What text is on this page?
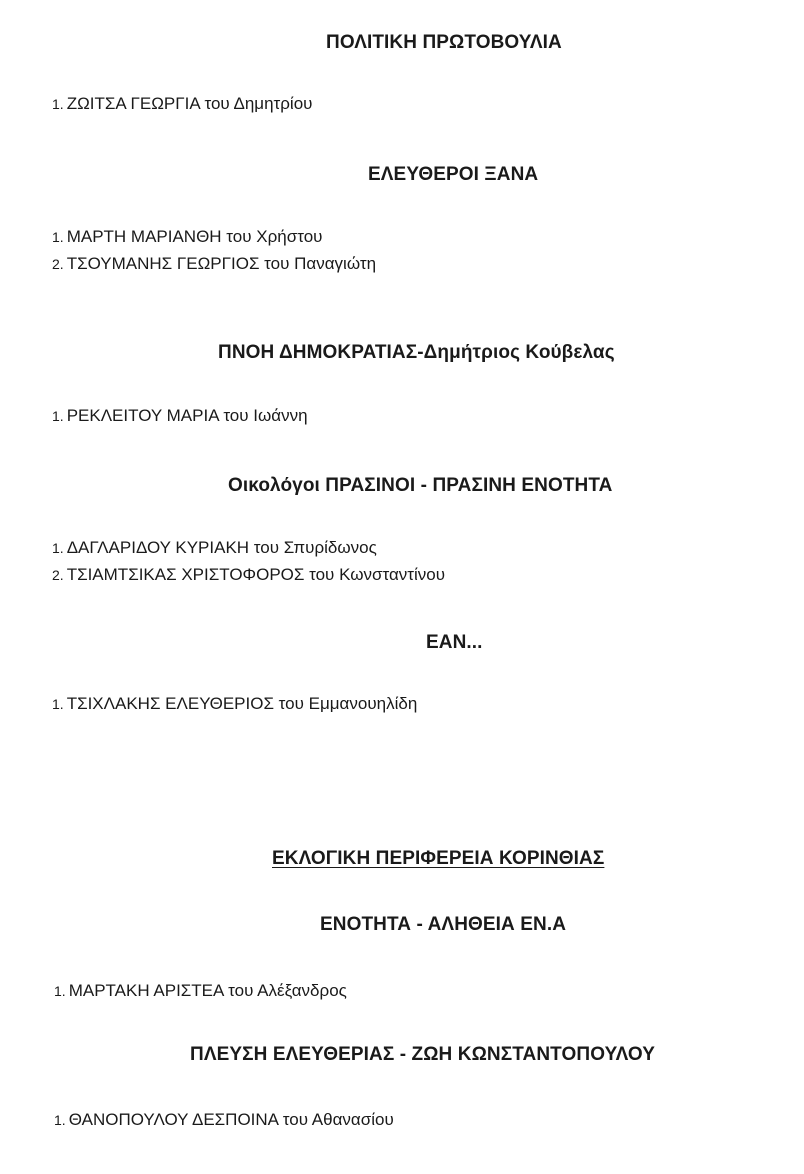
ΠΟΛΙΤΙΚΗ ΠΡΩΤΟΒΟΥΛΙΑ
1. ΖΩΙΤΣΑ ΓΕΩΡΓΙΑ του Δημητρίου
ΕΛΕΥΘΕΡΟΙ ΞΑΝΑ
1. ΜΑΡΤΗ ΜΑΡΙΑΝΘΗ του Χρήστου
2. ΤΣΟΥΜΑΝΗΣ ΓΕΩΡΓΙΟΣ του Παναγιώτη
ΠΝΟΗ ΔΗΜΟΚΡΑΤΙΑΣ-Δημήτριος Κούβελας
1. ΡΕΚΛΕΙΤΟΥ ΜΑΡΙΑ του Ιωάννη
Οικολόγοι ΠΡΑΣΙΝΟΙ - ΠΡΑΣΙΝΗ ΕΝΟΤΗΤΑ
1. ΔΑΓΛΑΡΙΔΟΥ ΚΥΡΙΑΚΗ του Σπυρίδωνος
2. ΤΣΙΑΜΤΣΙΚΑΣ ΧΡΙΣΤΟΦΟΡΟΣ του Κωνσταντίνου
ΕΑΝ...
1. ΤΣΙΧΛΑΚΗΣ ΕΛΕΥΘΕΡΙΟΣ του Εμμανουηλίδη
ΕΚΛΟΓΙΚΗ ΠΕΡΙΦΕΡΕΙΑ ΚΟΡΙΝΘΙΑΣ
ΕΝΟΤΗΤΑ - ΑΛΗΘΕΙΑ ΕΝ.Α
1. ΜΑΡΤΑΚΗ ΑΡΙΣΤΕΑ του Αλέξανδρος
ΠΛΕΥΣΗ ΕΛΕΥΘΕΡΙΑΣ - ΖΩΗ ΚΩΝΣΤΑΝΤΟΠΟΥΛΟΥ
1. ΘΑΝΟΠΟΥΛΟΥ ΔΕΣΠΟΙΝΑ του Αθανασίου
